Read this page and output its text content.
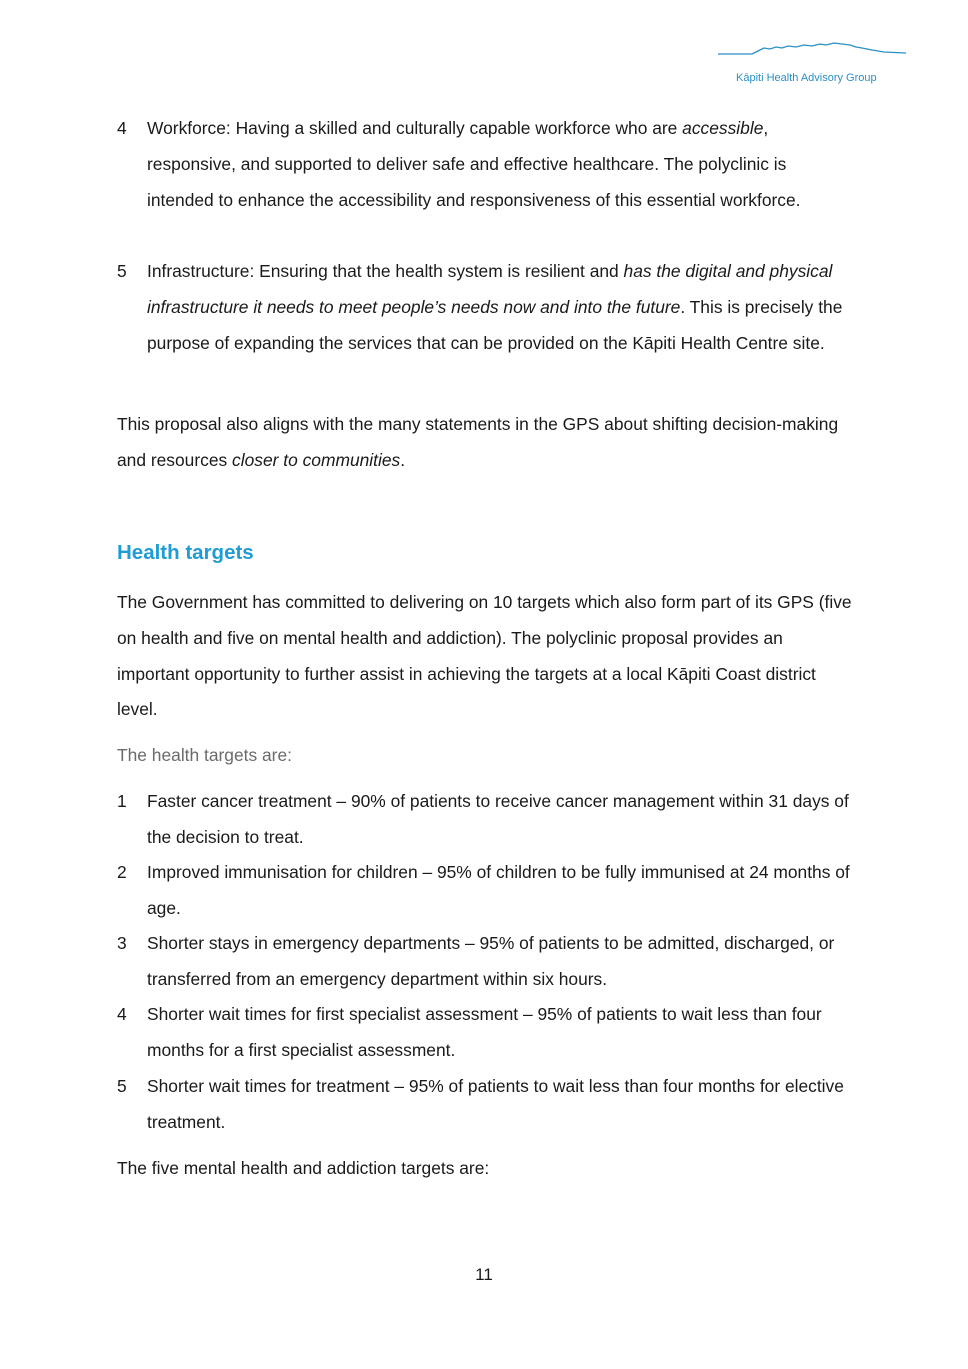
Kāpiti Health Advisory Group
4	Workforce: Having a skilled and culturally capable workforce who are accessible, responsive, and supported to deliver safe and effective healthcare. The polyclinic is intended to enhance the accessibility and responsiveness of this essential workforce.
5	Infrastructure: Ensuring that the health system is resilient and has the digital and physical infrastructure it needs to meet people’s needs now and into the future. This is precisely the purpose of expanding the services that can be provided on the Kāpiti Health Centre site.
This proposal also aligns with the many statements in the GPS about shifting decision-making and resources closer to communities.
Health targets
The Government has committed to delivering on 10 targets which also form part of its GPS (five on health and five on mental health and addiction). The polyclinic proposal provides an important opportunity to further assist in achieving the targets at a local Kāpiti Coast district level.
The health targets are:
1	Faster cancer treatment – 90% of patients to receive cancer management within 31 days of the decision to treat.
2	Improved immunisation for children – 95% of children to be fully immunised at 24 months of age.
3	Shorter stays in emergency departments – 95% of patients to be admitted, discharged, or transferred from an emergency department within six hours.
4	Shorter wait times for first specialist assessment – 95% of patients to wait less than four months for a first specialist assessment.
5	Shorter wait times for treatment – 95% of patients to wait less than four months for elective treatment.
The five mental health and addiction targets are:
11
